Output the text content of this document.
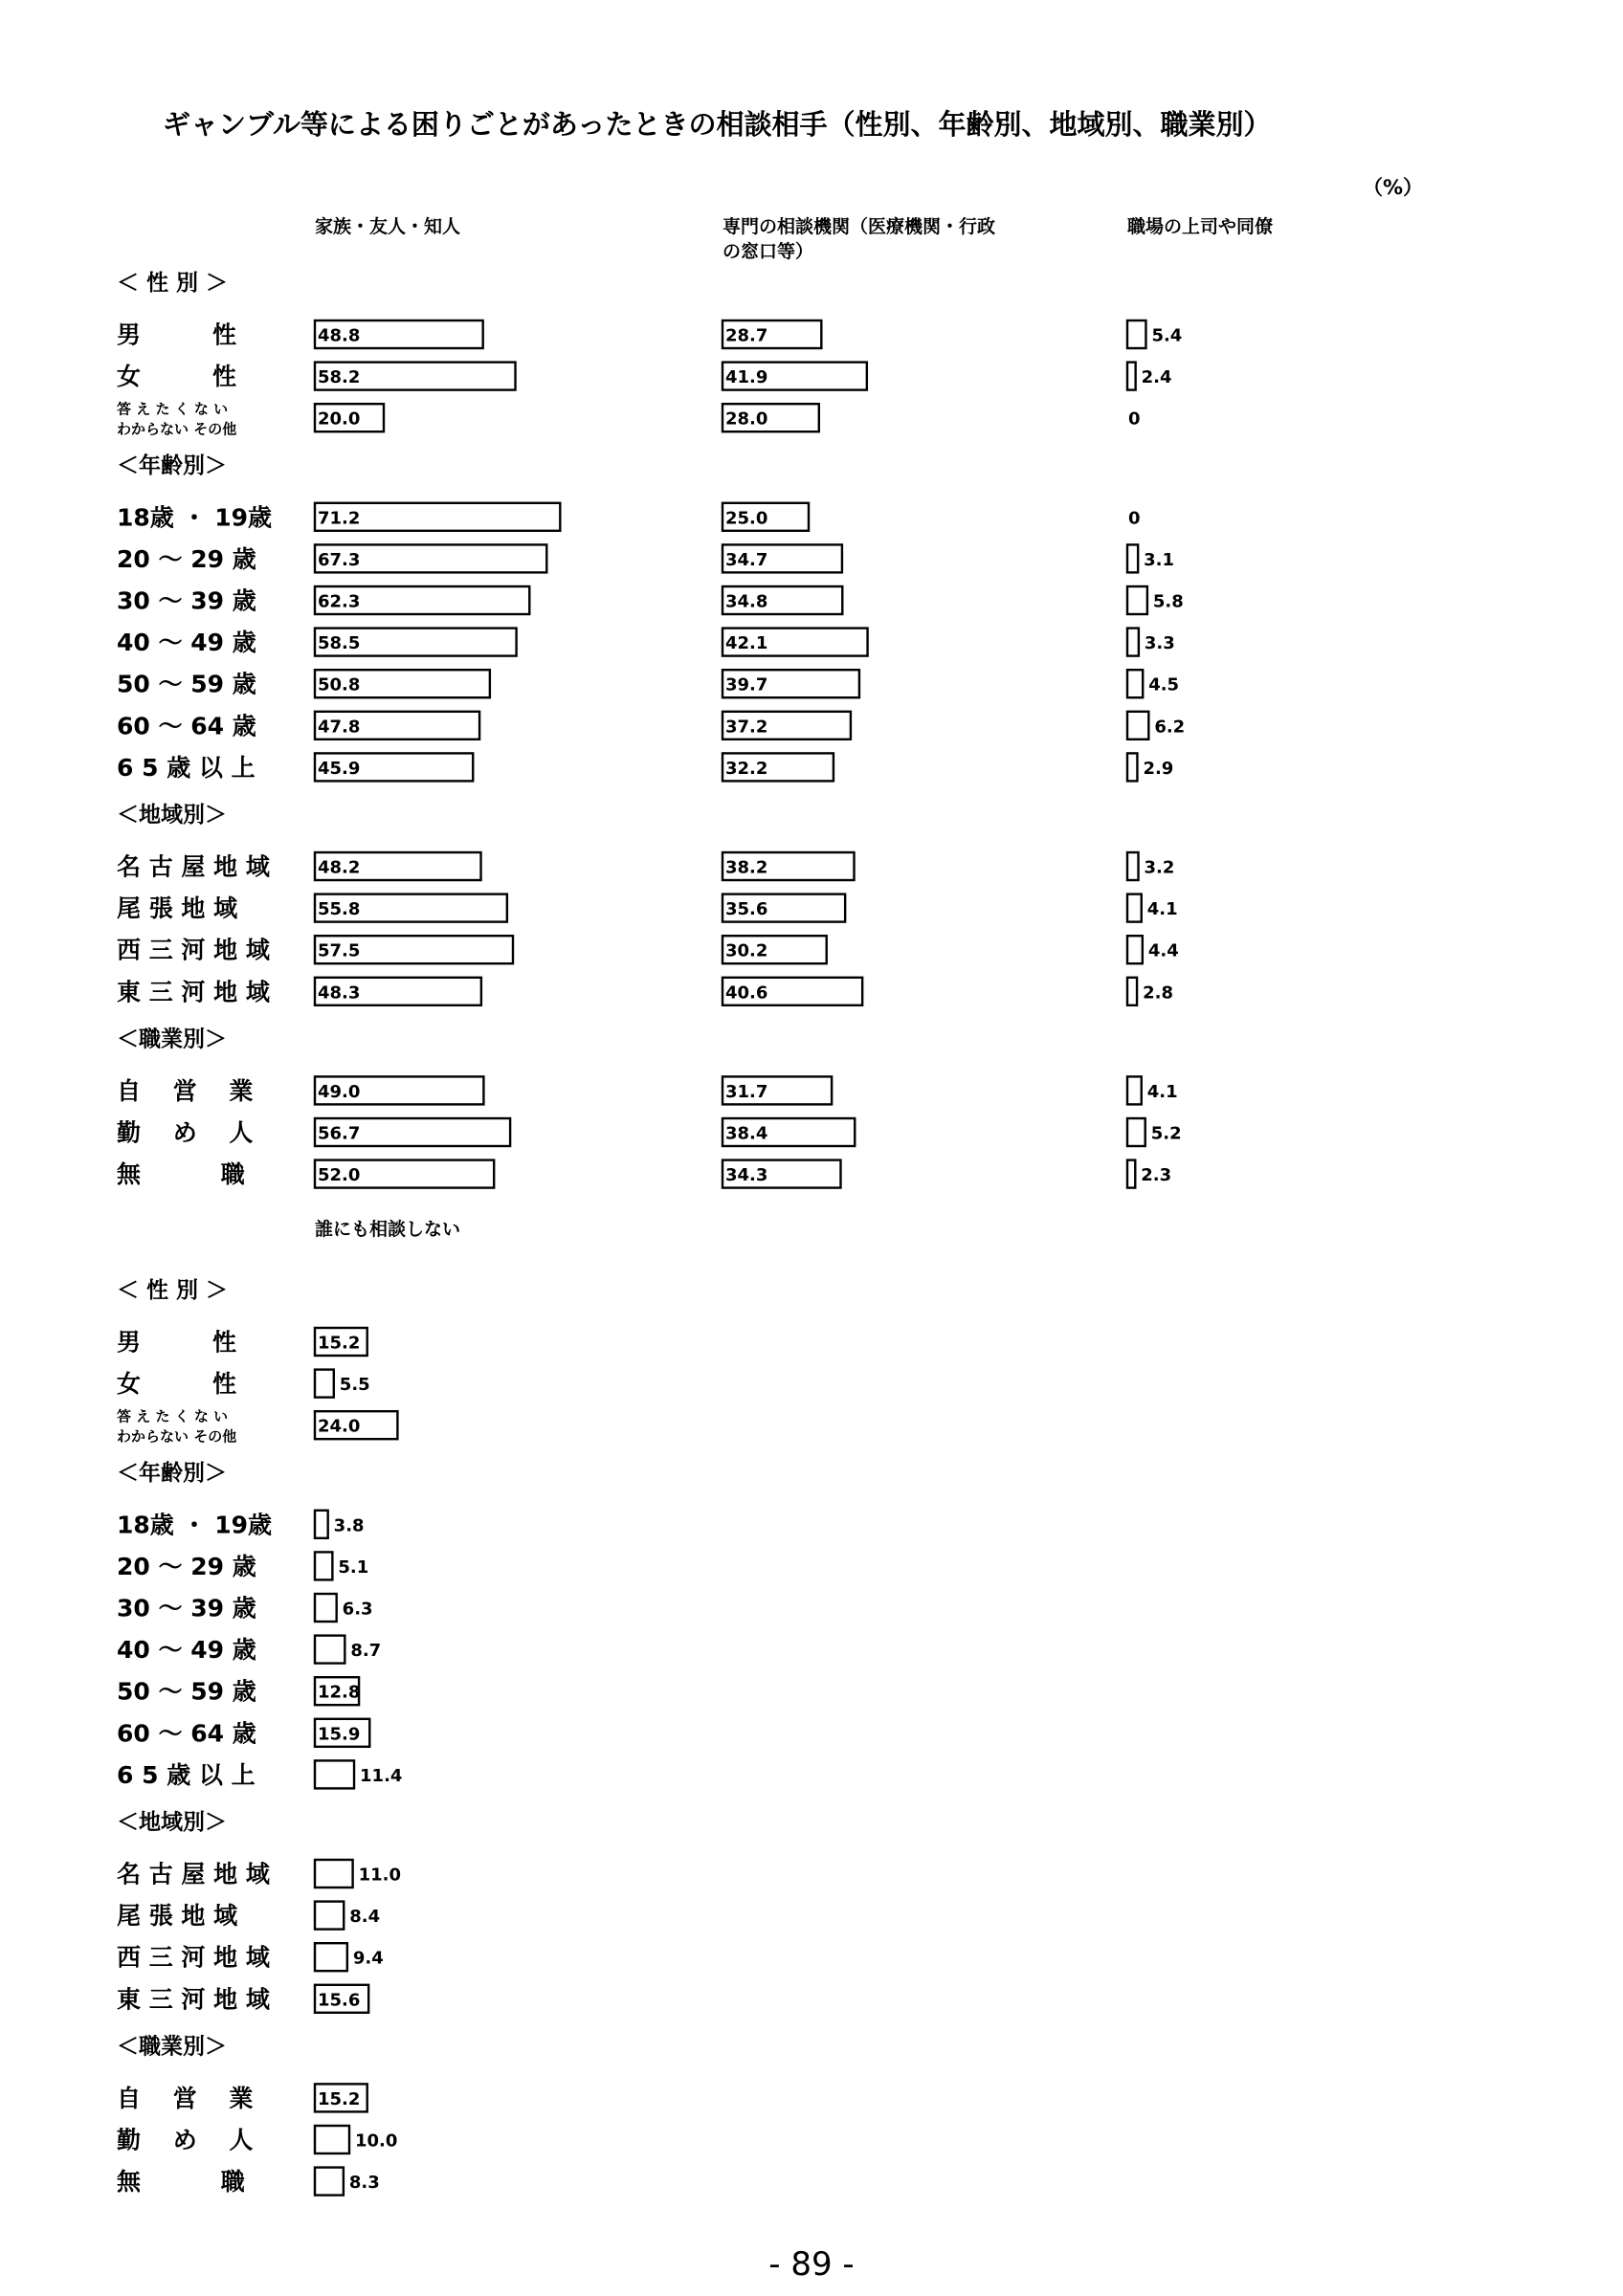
ギャンブル等による困りごとがあったときの相談相手（性別、年齢別、地域別、職業別）
（%）
家族・友人・知人	専門の相談機関（医療機関・行政
の窓口等）
職場の上司や同僚
＜ 性 別 ＞
＜年齢別＞
＜地域別＞
＜職業別＞
男　　　性	48.8	28.7	5.4
女　　　性	58.2	41.9	2.4
答 え た く な い
わからない その他	20.0	28.0	0
18歳 ・ 19歳	71.2	25.0	0
20 ～ 29 歳	67.3	34.7	3.1
30 ～ 39 歳	62.3	34.8	5.8
40 ～ 49 歳	58.5	42.1	3.3
50 ～ 59 歳	50.8	39.7	4.5
60 ～ 64 歳	47.8	37.2	6.2
6 5 歳 以 上	45.9	32.2	2.9
名 古 屋 地 域	48.2	38.2	3.2
尾 張 地 域	55.8	35.6	4.1
西 三 河 地 域	57.5	30.2	4.4
東 三 河 地 域	48.3	40.6	2.8
自　 営　 業	49.0	31.7	4.1
勤　 め　 人	56.7	38.4	5.2
無　　　 職	52.0	34.3	2.3
誰にも相談しない
＜ 性 別 ＞
＜年齢別＞
＜地域別＞
＜職業別＞
男　　　性	15.2
女　　　性	5.5
答 え た く な い
わからない その他	24.0
18歳 ・ 19歳	3.8
20 ～ 29 歳	5.1
30 ～ 39 歳	6.3
40 ～ 49 歳	8.7
50 ～ 59 歳	12.8
60 ～ 64 歳	15.9
6 5 歳 以 上	11.4
名 古 屋 地 域	11.0
尾 張 地 域	8.4
西 三 河 地 域	9.4
東 三 河 地 域	15.6
自　 営　 業	15.2
勤　 め　 人	10.0
無　　　 職	8.3
- 89 -
